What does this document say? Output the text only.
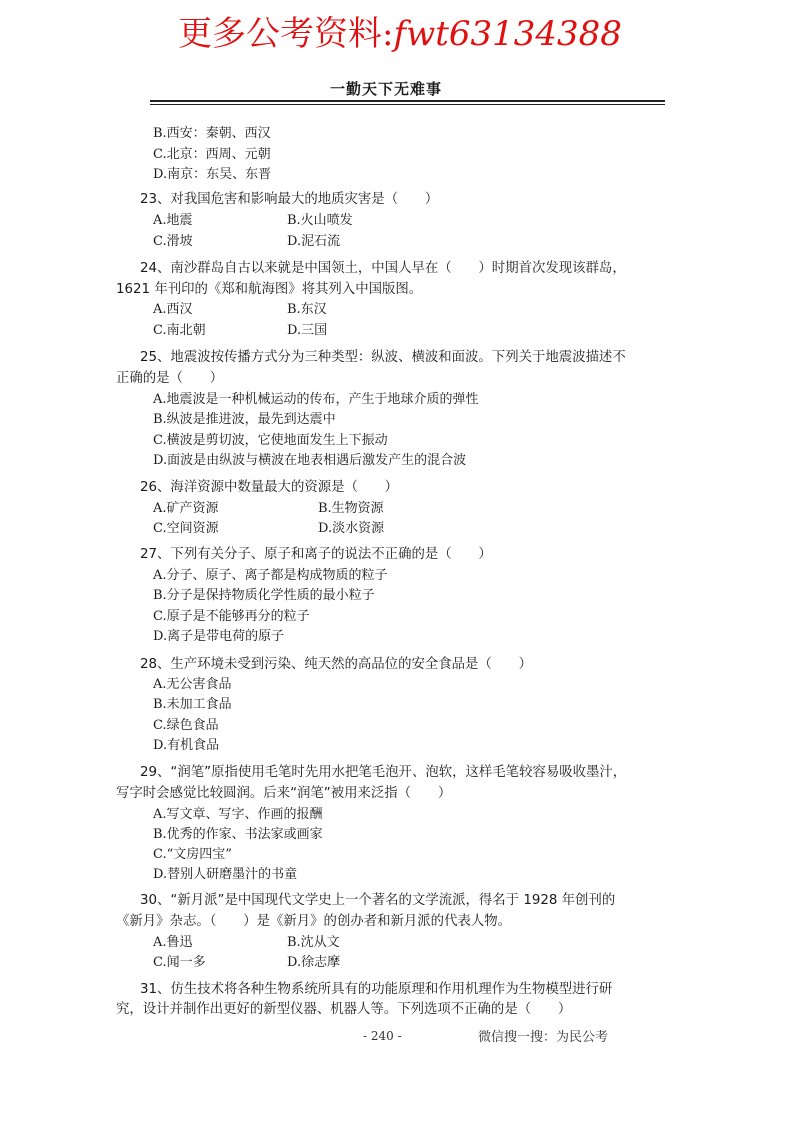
更多公考资料:fwt63134388
一勤天下无难事
B.西安：秦朝、西汉
C.北京：西周、元朝
D.南京：东吴、东晋
23、对我国危害和影响最大的地质灾害是（　　）
A.地震	B.火山喷发
C.滑坡	D.泥石流
24、南沙群岛自古以来就是中国领土，中国人早在（　　）时期首次发现该群岛，
1621 年刊印的《郑和航海图》将其列入中国版图。
A.西汉	B.东汉
C.南北朝	D.三国
25、地震波按传播方式分为三种类型：纵波、横波和面波。下列关于地震波描述不
正确的是（　　）
A.地震波是一种机械运动的传布，产生于地球介质的弹性
B.纵波是推进波，最先到达震中
C.横波是剪切波，它使地面发生上下振动
D.面波是由纵波与横波在地表相遇后激发产生的混合波
26、海洋资源中数量最大的资源是（　　）
A.矿产资源	B.生物资源
C.空间资源	D.淡水资源
27、下列有关分子、原子和离子的说法不正确的是（　　）
A.分子、原子、离子都是构成物质的粒子
B.分子是保持物质化学性质的最小粒子
C.原子是不能够再分的粒子
D.离子是带电荷的原子
28、生产环境未受到污染、纯天然的高品位的安全食品是（　　）
A.无公害食品
B.未加工食品
C.绿色食品
D.有机食品
29、“润笔”原指使用毛笔时先用水把笔毛泡开、泡软，这样毛笔较容易吸收墨汁，
写字时会感觉比较圆润。后来“润笔”被用来泛指（　　）
A.写文章、写字、作画的报酬
B.优秀的作家、书法家或画家
C.“文房四宝”
D.替别人研磨墨汁的书童
30、“新月派”是中国现代文学史上一个著名的文学流派，得名于 1928 年创刊的
《新月》杂志。（　　）是《新月》的创办者和新月派的代表人物。
A.鲁迅	B.沈从文
C.闻一多	D.徐志摩
31、仿生技术将各种生物系统所具有的功能原理和作用机理作为生物模型进行研
究，设计并制作出更好的新型仪器、机器人等。下列选项不正确的是（　　）
- 240 -	微信搜一搜：为民公考
